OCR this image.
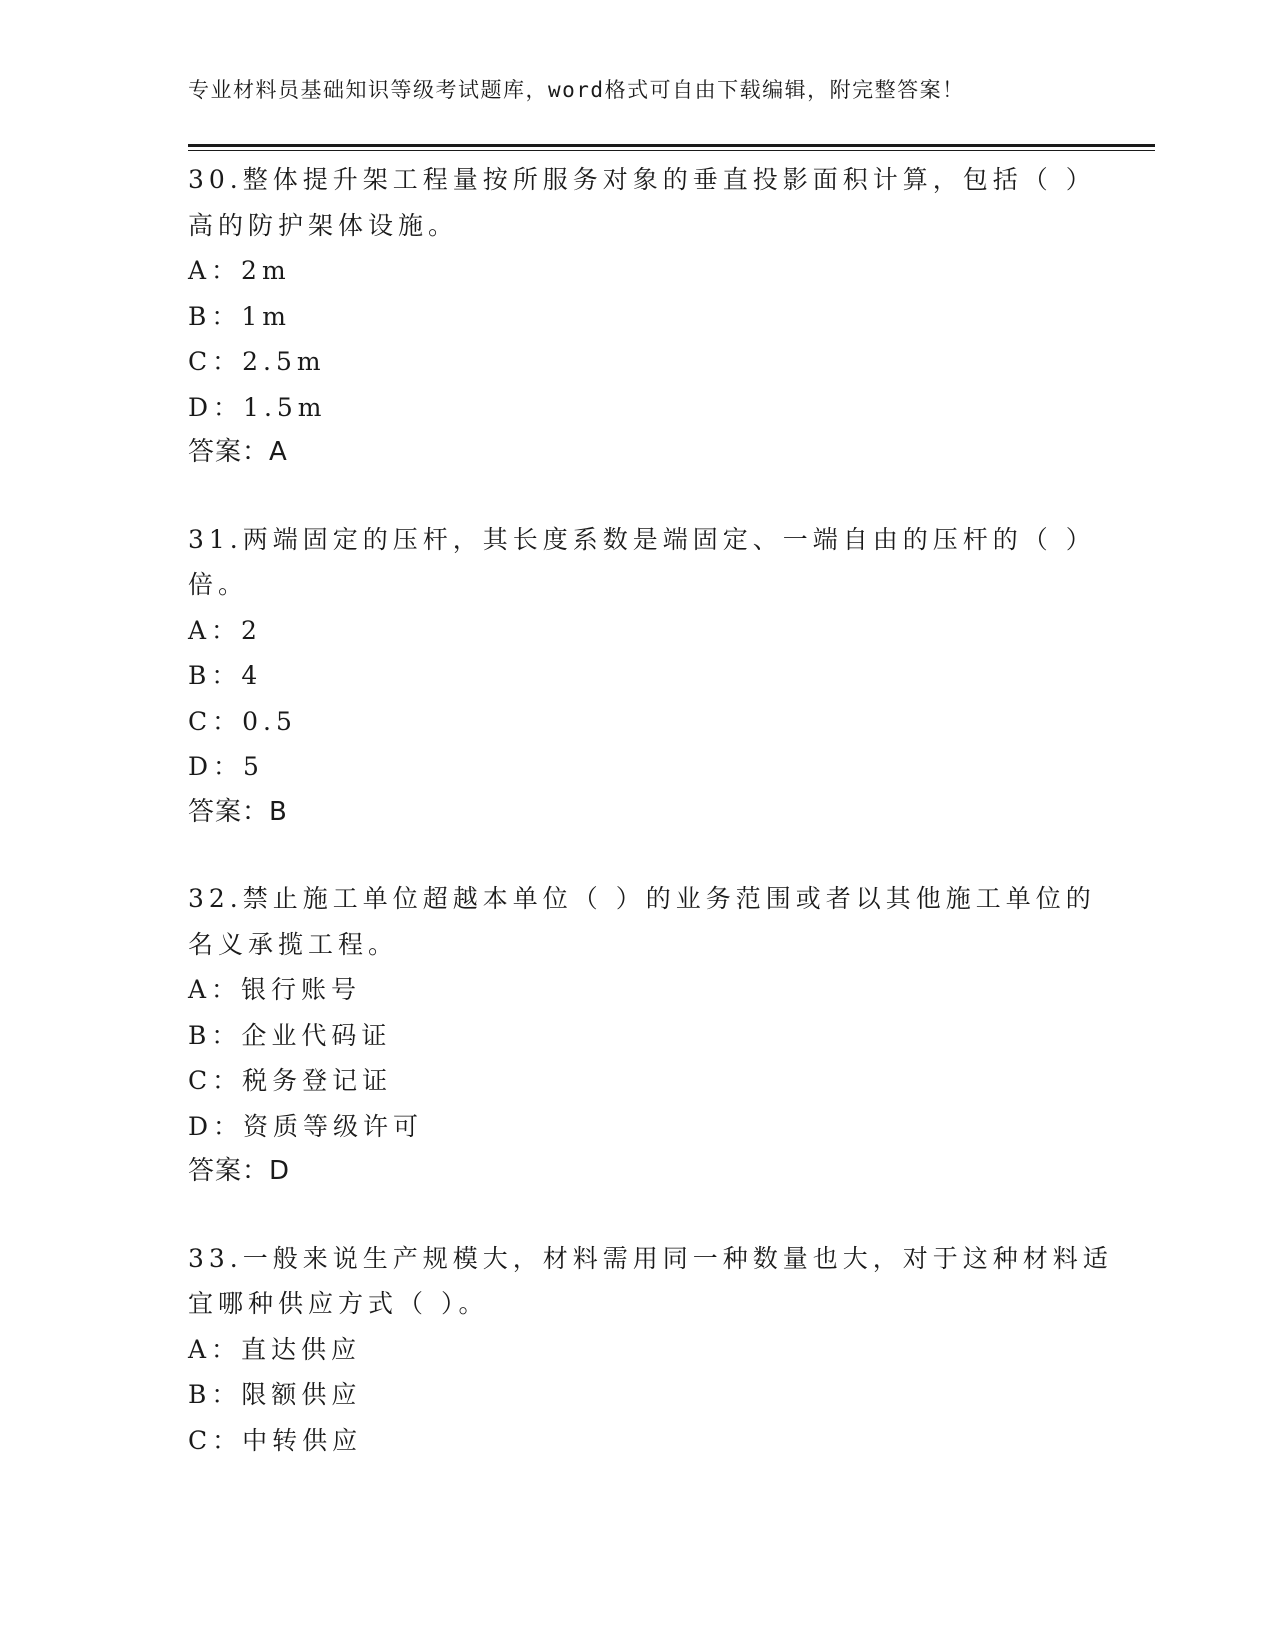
专业材料员基础知识等级考试题库，word格式可自由下载编辑，附完整答案！
30.整体提升架工程量按所服务对象的垂直投影面积计算，包括（ ）
高的防护架体设施。
A：2m
B：1m
C：2.5m
D：1.5m
答案：A
31.两端固定的压杆，其长度系数是端固定、一端自由的压杆的（ ）
倍。
A：2
B：4
C：0.5
D：5
答案：B
32.禁止施工单位超越本单位（ ）的业务范围或者以其他施工单位的
名义承揽工程。
A：银行账号
B：企业代码证
C：税务登记证
D：资质等级许可
答案：D
33.一般来说生产规模大，材料需用同一种数量也大，对于这种材料适
宜哪种供应方式（ ）。
A：直达供应
B：限额供应
C：中转供应
